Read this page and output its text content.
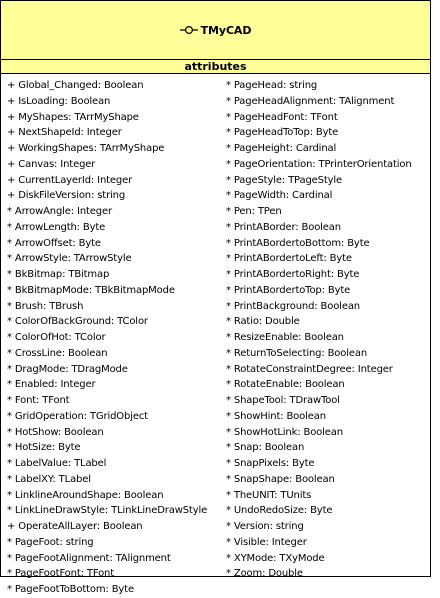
TMyCAD
attributes
+ Global_Changed: Boolean
+ IsLoading: Boolean
+ MyShapes: TArrMyShape
+ NextShapeId: Integer
+ WorkingShapes: TArrMyShape
+ Canvas: Integer
+ CurrentLayerId: Integer
+ DiskFileVersion: string
* ArrowAngle: Integer
* ArrowLength: Byte
* ArrowOffset: Byte
* ArrowStyle: TArrowStyle
* BkBitmap: TBitmap
* BkBitmapMode: TBkBitmapMode
* Brush: TBrush
* ColorOfBackGround: TColor
* ColorOfHot: TColor
* CrossLine: Boolean
* DragMode: TDragMode
* Enabled: Integer
* Font: TFont
* GridOperation: TGridObject
* HotShow: Boolean
* HotSize: Byte
* LabelValue: TLabel
* LabelXY: TLabel
* LinklineAroundShape: Boolean
* LinkLineDrawStyle: TLinkLineDrawStyle
+ OperateAllLayer: Boolean
* PageFoot: string
* PageFootAlignment: TAlignment
* PageFootFont: TFont
* PageFootToBottom: Byte
* PageHead: string
* PageHeadAlignment: TAlignment
* PageHeadFont: TFont
* PageHeadToTop: Byte
* PageHeight: Cardinal
* PageOrientation: TPrinterOrientation
* PageStyle: TPageStyle
* PageWidth: Cardinal
* Pen: TPen
* PrintABorder: Boolean
* PrintABordertoBottom: Byte
* PrintABordertoLeft: Byte
* PrintABordertoRight: Byte
* PrintABordertoTop: Byte
* PrintBackground: Boolean
* Ratio: Double
* ResizeEnable: Boolean
* ReturnToSelecting: Boolean
* RotateConstraintDegree: Integer
* RotateEnable: Boolean
* ShapeTool: TDrawTool
* ShowHint: Boolean
* ShowHotLink: Boolean
* Snap: Boolean
* SnapPixels: Byte
* SnapShape: Boolean
* TheUNIT: TUnits
* UndoRedoSize: Byte
* Version: string
* Visible: Integer
* XYMode: TXyMode
* Zoom: Double
